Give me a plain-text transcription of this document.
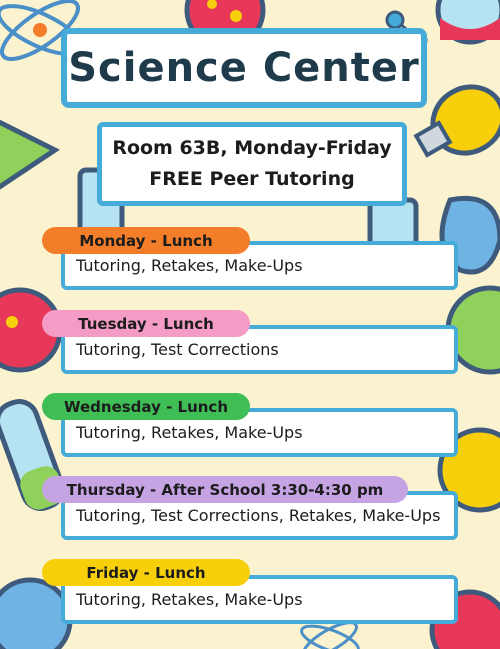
Science Center
Room 63B, Monday-Friday
FREE Peer Tutoring
Tutoring, Retakes, Make-Ups
Monday - Lunch
Tutoring, Test Corrections
Tuesday - Lunch
Tutoring, Retakes, Make-Ups
Wednesday - Lunch
Tutoring, Test Corrections, Retakes, Make-Ups
Thursday - After School 3:30-4:30 pm
Tutoring, Retakes, Make-Ups
Friday - Lunch
